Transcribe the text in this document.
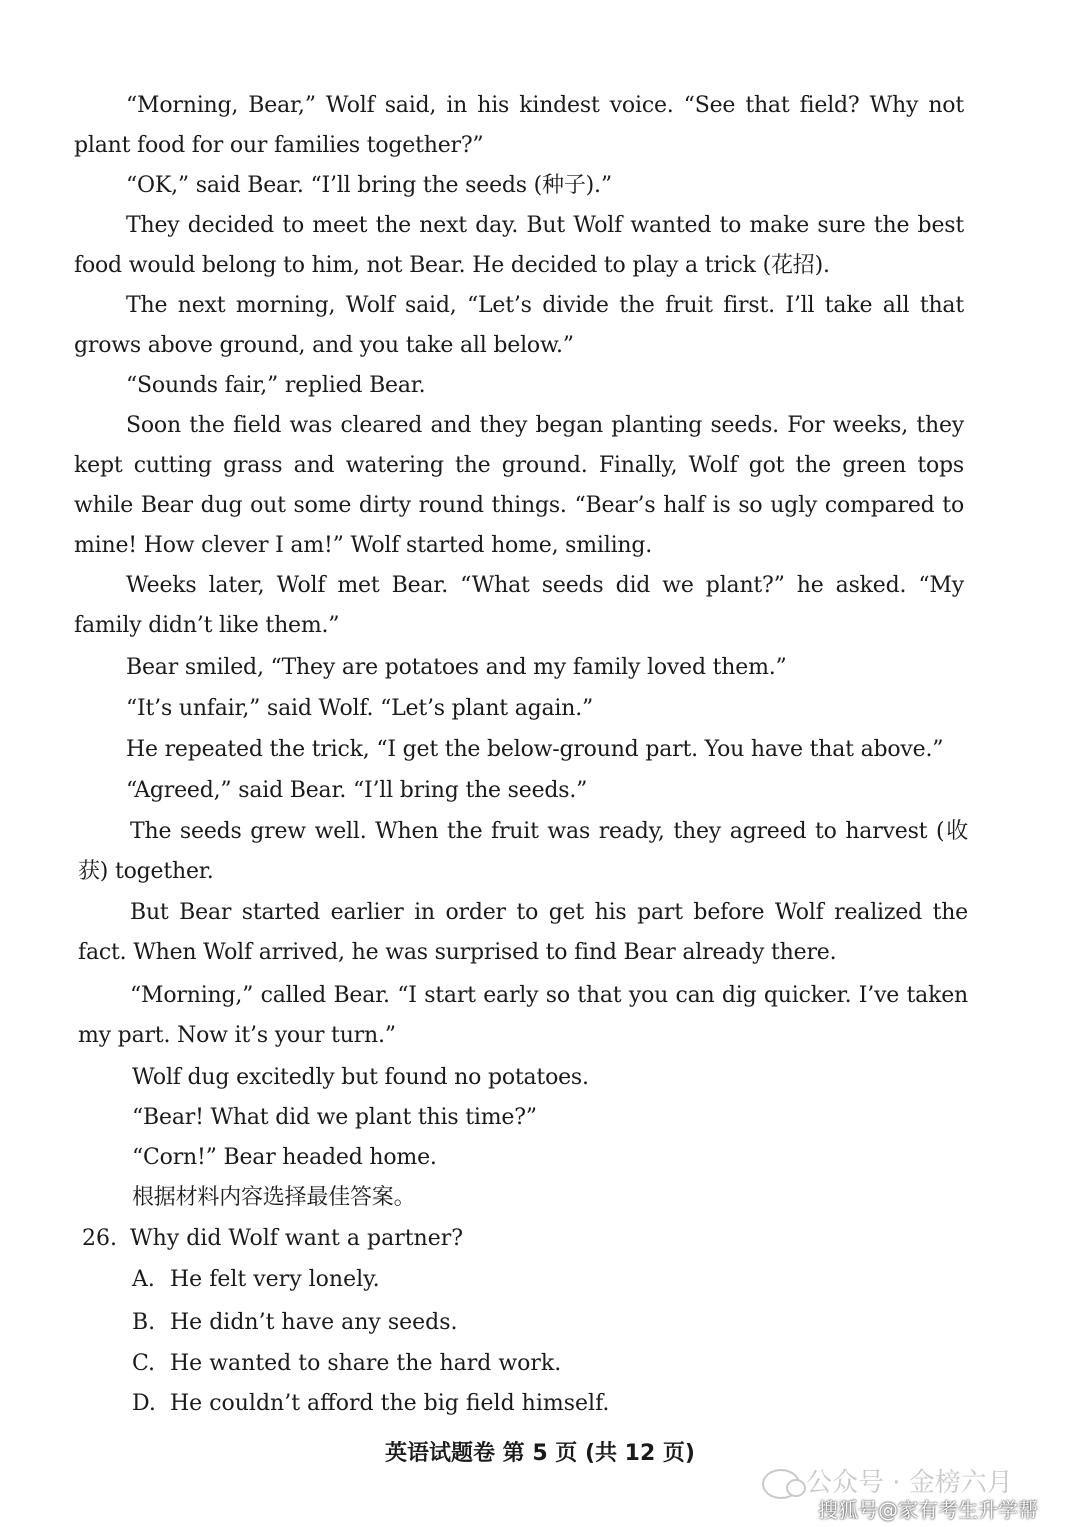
“Morning, Bear,” Wolf said, in his kindest voice. “See that field? Why not plant food for our families together?”

“OK,” said Bear. “I’ll bring the seeds (种子).”

They decided to meet the next day. But Wolf wanted to make sure the best food would belong to him, not Bear. He decided to play a trick (花招).

The next morning, Wolf said, “Let’s divide the fruit first. I’ll take all that grows above ground, and you take all below.”

“Sounds fair,” replied Bear.

Soon the field was cleared and they began planting seeds. For weeks, they kept cutting grass and watering the ground. Finally, Wolf got the green tops while Bear dug out some dirty round things. “Bear’s half is so ugly compared to mine! How clever I am!” Wolf started home, smiling.

Weeks later, Wolf met Bear. “What seeds did we plant?” he asked. “My family didn’t like them.”

Bear smiled, “They are potatoes and my family loved them.”

“It’s unfair,” said Wolf. “Let’s plant again.”

He repeated the trick, “I get the below-ground part. You have that above.”

“Agreed,” said Bear. “I’ll bring the seeds.”

The seeds grew well. When the fruit was ready, they agreed to harvest (收获) together.

But Bear started earlier in order to get his part before Wolf realized the fact. When Wolf arrived, he was surprised to find Bear already there.

“Morning,” called Bear. “I start early so that you can dig quicker. I’ve taken my part. Now it’s your turn.”

Wolf dug excitedly but found no potatoes.

“Bear! What did we plant this time?”

“Corn!” Bear headed home.

根据材料内容选择最佳答案。
26. Why did Wolf want a partner?
A. He felt very lonely.
B. He didn’t have any seeds.
C. He wanted to share the hard work.
D. He couldn’t afford the big field himself.
英语试题卷 第 5 页 (共 12 页)
公众号 · 金榜六月
搜狐号@家有考生升学帮
